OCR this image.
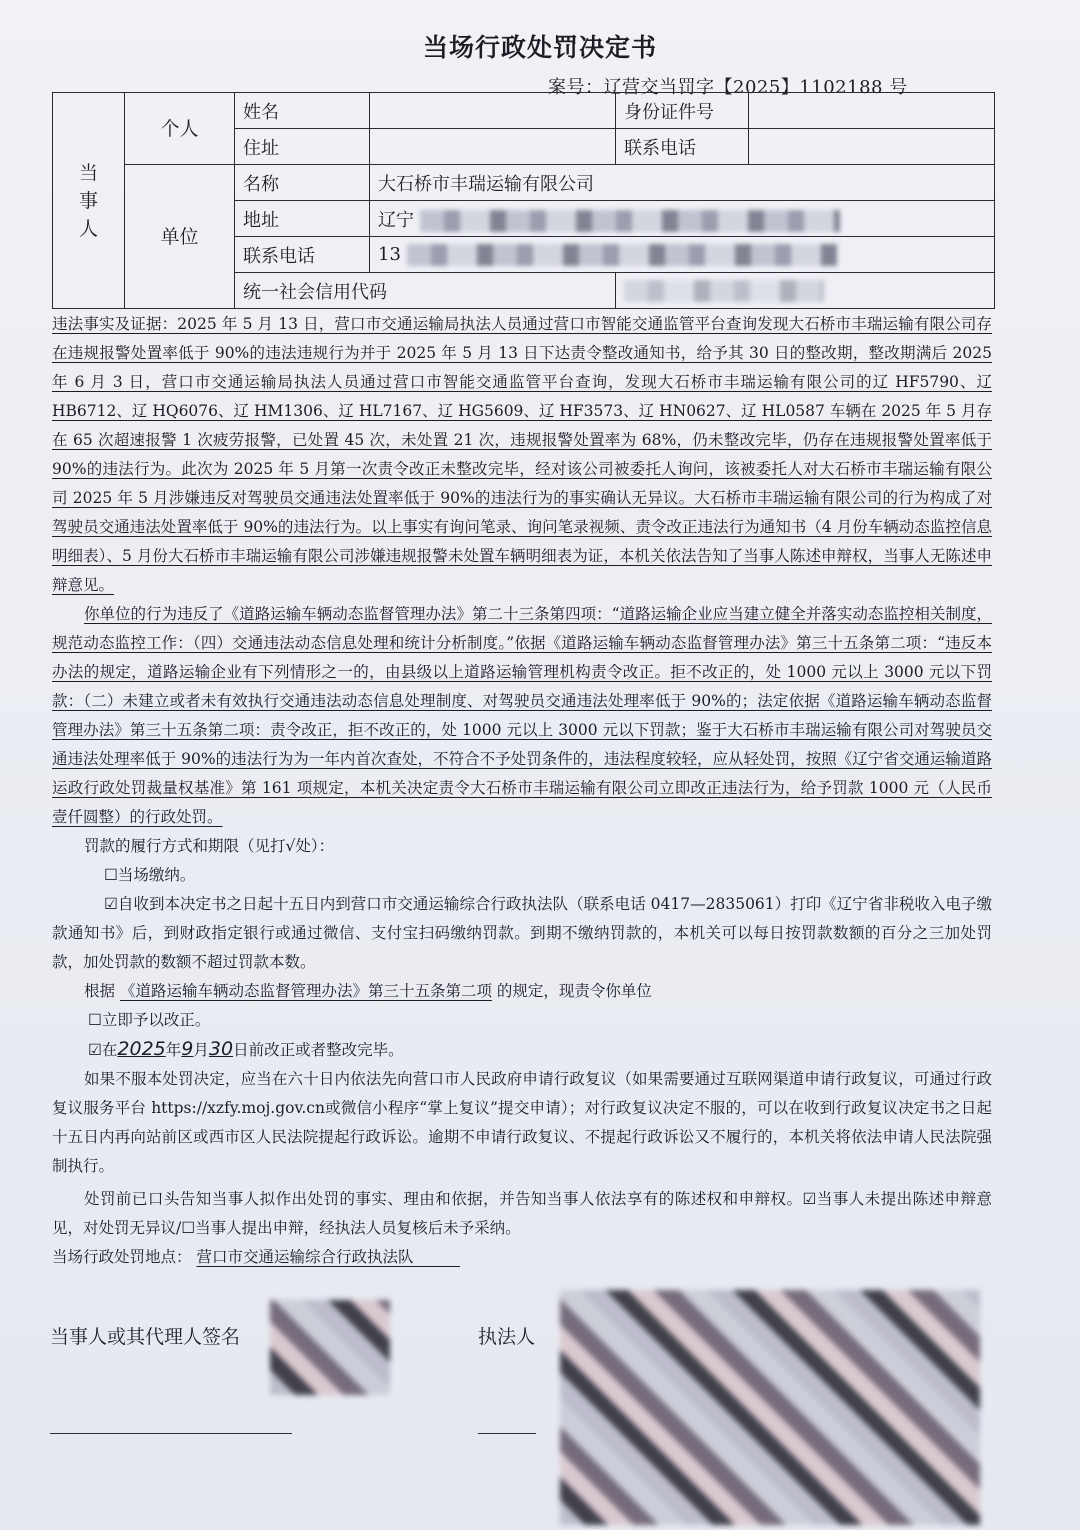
当场行政处罚决定书
案号：辽营交当罚字【2025】1102188 号
当
事
人	个人	姓名		身份证件号	
		住址		联系电话	
	单位	名称	大石桥市丰瑞运输有限公司		
		地址	辽宁		
		联系电话	13		
		统一社会信用代码			

违法事实及证据：2025 年 5 月 13 日，营口市交通运输局执法人员通过营口市智能交通监管平台查询发现大石桥市丰瑞运输有限公司存在违规报警处置率低于 90%的违法违规行为并于 2025 年 5 月 13 日下达责令整改通知书，给予其 30 日的整改期，整改期满后 2025 年 6 月 3 日，营口市交通运输局执法人员通过营口市智能交通监管平台查询，发现大石桥市丰瑞运输有限公司的辽 HF5790、辽 HB6712、辽 HQ6076、辽 HM1306、辽 HL7167、辽 HG5609、辽 HF3573、辽 HN0627、辽 HL0587 车辆在 2025 年 5 月存在 65 次超速报警 1 次疲劳报警，已处置 45 次，未处置 21 次，违规报警处置率为 68%，仍未整改完毕，仍存在违规报警处置率低于 90%的违法行为。此次为 2025 年 5 月第一次责令改正未整改完毕，经对该公司被委托人询问，该被委托人对大石桥市丰瑞运输有限公司 2025 年 5 月涉嫌违反对驾驶员交通违法处置率低于 90%的违法行为的事实确认无异议。大石桥市丰瑞运输有限公司的行为构成了对驾驶员交通违法处置率低于 90%的违法行为。以上事实有询问笔录、询问笔录视频、责令改正违法行为通知书（4 月份车辆动态监控信息明细表）、5 月份大石桥市丰瑞运输有限公司涉嫌违规报警未处置车辆明细表为证，本机关依法告知了当事人陈述申辩权，当事人无陈述申辩意见。

你单位的行为违反了《道路运输车辆动态监督管理办法》第二十三条第四项：“道路运输企业应当建立健全并落实动态监控相关制度，规范动态监控工作：（四）交通违法动态信息处理和统计分析制度。”依据《道路运输车辆动态监督管理办法》第三十五条第二项：“违反本办法的规定，道路运输企业有下列情形之一的，由县级以上道路运输管理机构责令改正。拒不改正的，处 1000 元以上 3000 元以下罚款：（二）未建立或者未有效执行交通违法动态信息处理制度、对驾驶员交通违法处理率低于 90%的；法定依据《道路运输车辆动态监督管理办法》第三十五条第二项：责令改正，拒不改正的，处 1000 元以上 3000 元以下罚款；鉴于大石桥市丰瑞运输有限公司对驾驶员交通违法处理率低于 90%的违法行为为一年内首次查处，不符合不予处罚条件的，违法程度较轻，应从轻处罚，按照《辽宁省交通运输道路运政行政处罚裁量权基准》第 161 项规定，本机关决定责令大石桥市丰瑞运输有限公司立即改正违法行为，给予罚款 1000 元（人民币壹仟圆整）的行政处罚。

罚款的履行方式和期限（见打√处）：

☐当场缴纳。

☑自收到本决定书之日起十五日内到营口市交通运输综合行政执法队（联系电话 0417—2835061）打印《辽宁省非税收入电子缴款通知书》后，到财政指定银行或通过微信、支付宝扫码缴纳罚款。到期不缴纳罚款的，本机关可以每日按罚款数额的百分之三加处罚款，加处罚款的数额不超过罚款本数。

根据 《道路运输车辆动态监督管理办法》第三十五条第二项 的规定，现责令你单位

☐立即予以改正。

☑在2025年9月30日前改正或者整改完毕。

如果不服本处罚决定，应当在六十日内依法先向营口市人民政府申请行政复议（如果需要通过互联网渠道申请行政复议，可通过行政复议服务平台 https://xzfy.moj.gov.cn或微信小程序“掌上复议”提交申请）；对行政复议决定不服的，可以在收到行政复议决定书之日起十五日内再向站前区或西市区人民法院提起行政诉讼。逾期不申请行政复议、不提起行政诉讼又不履行的，本机关将依法申请人民法院强制执行。

处罚前已口头告知当事人拟作出处罚的事实、理由和依据，并告知当事人依法享有的陈述权和申辩权。☑当事人未提出陈述申辩意见，对处罚无异议/☐当事人提出申辩，经执法人员复核后未予采纳。

当场行政处罚地点： 营口市交通运输综合行政执法队   

当事人或其代理人签名	执法人
